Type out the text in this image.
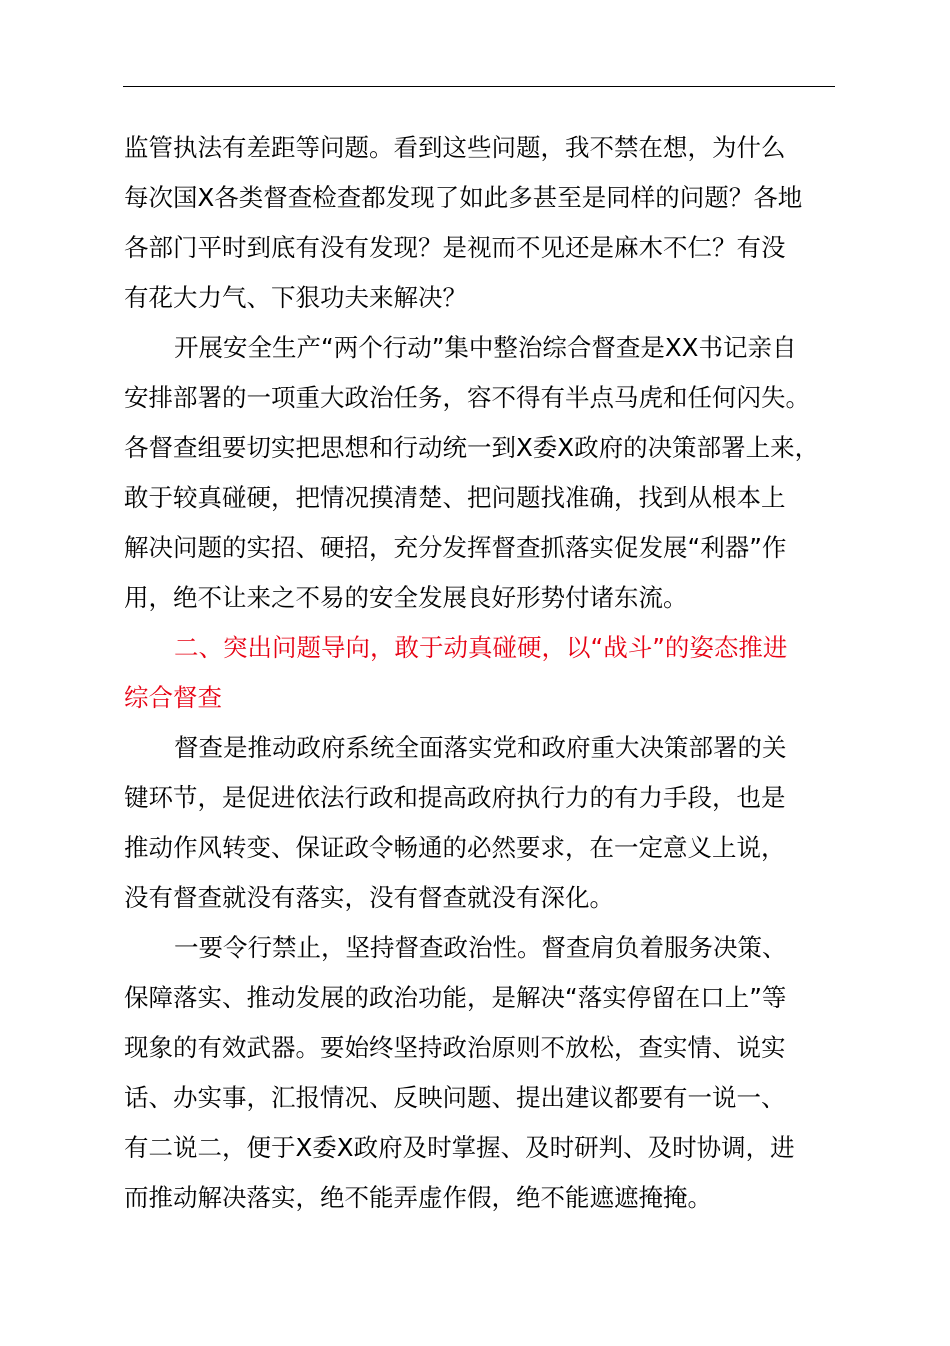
监管执法有差距等问题。看到这些问题，我不禁在想，为什么
每次国X各类督查检查都发现了如此多甚至是同样的问题？各地
各部门平时到底有没有发现？是视而不见还是麻木不仁？有没
有花大力气、下狠功夫来解决？
开展安全生产“两个行动”集中整治综合督查是XX书记亲自
安排部署的一项重大政治任务，容不得有半点马虎和任何闪失。
各督查组要切实把思想和行动统一到X委X政府的决策部署上来，
敢于较真碰硬，把情况摸清楚、把问题找准确，找到从根本上
解决问题的实招、硬招，充分发挥督查抓落实促发展“利器”作
用，绝不让来之不易的安全发展良好形势付诸东流。
二、突出问题导向，敢于动真碰硬，以“战斗”的姿态推进
综合督查
督查是推动政府系统全面落实党和政府重大决策部署的关
键环节，是促进依法行政和提高政府执行力的有力手段，也是
推动作风转变、保证政令畅通的必然要求，在一定意义上说，
没有督查就没有落实，没有督查就没有深化。
一要令行禁止，坚持督查政治性。督查肩负着服务决策、
保障落实、推动发展的政治功能，是解决“落实停留在口上”等
现象的有效武器。要始终坚持政治原则不放松，查实情、说实
话、办实事，汇报情况、反映问题、提出建议都要有一说一、
有二说二，便于X委X政府及时掌握、及时研判、及时协调，进
而推动解决落实，绝不能弄虚作假，绝不能遮遮掩掩。
